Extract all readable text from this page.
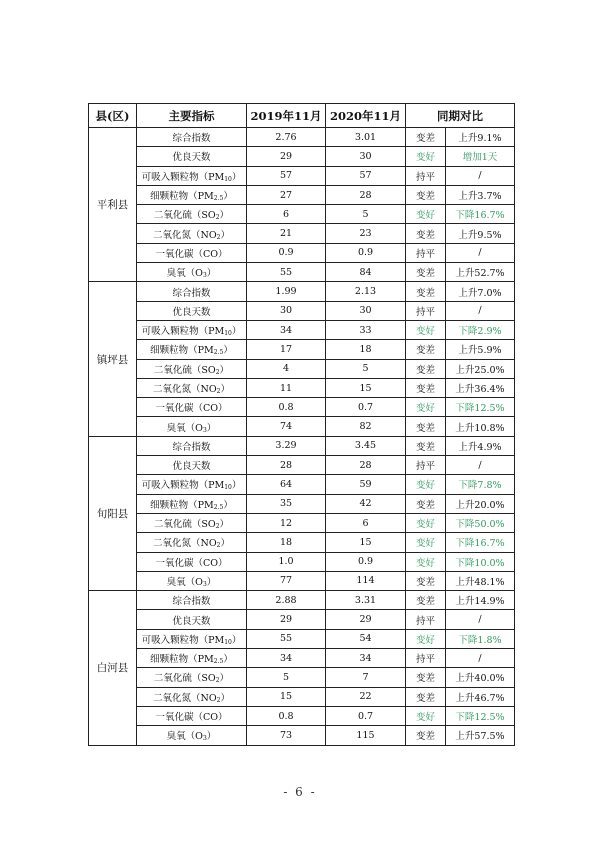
县(区)	主要指标	2019年11月	2020年11月	同期对比	
平利县	综合指数	2.76	3.01	变差	上升9.1%
	优良天数	29	30	变好	增加1天
	可吸入颗粒物$(PM_{10})$	57	57	持平	/
	细颗粒物$(PM_{2.5})$	27	28	变差	上升3.7%
	二氧化硫$(SO_2)$	6	5	变好	下降16.7%
	二氧化氮$(NO_2)$	21	23	变差	上升9.5%
	一氧化碳（CO）	0.9	0.9	持平	/
	臭氧$(O_3)$	55	84	变差	上升52.7%
镇坪县	综合指数	1.99	2.13	变差	上升7.0%
	优良天数	30	30	持平	/
	可吸入颗粒物$(PM_{10})$	34	33	变好	下降2.9%
	细颗粒物$(PM_{2.5})$	17	18	变差	上升5.9%
	二氧化硫$(SO_2)$	4	5	变差	上升25.0%
	二氧化氮$(NO_2)$	11	15	变差	上升36.4%
	一氧化碳（CO）	0.8	0.7	变好	下降12.5%
	臭氧$(O_3)$	74	82	变差	上升10.8%
旬阳县	综合指数	3.29	3.45	变差	上升4.9%
	优良天数	28	28	持平	/
	可吸入颗粒物$(PM_{10})$	64	59	变好	下降7.8%
	细颗粒物$(PM_{2.5})$	35	42	变差	上升20.0%
	二氧化硫$(SO_2)$	12	6	变好	下降50.0%
	二氧化氮$(NO_2)$	18	15	变好	下降16.7%
	一氧化碳（CO）	1.0	0.9	变好	下降10.0%
	臭氧$(O_3)$	77	114	变差	上升48.1%
白河县	综合指数	2.88	3.31	变差	上升14.9%
	优良天数	29	29	持平	/
	可吸入颗粒物$(PM_{10})$	55	54	变好	下降1.8%
	细颗粒物$(PM_{2.5})$	34	34	持平	/
	二氧化硫$(SO_2)$	5	7	变差	上升40.0%
	二氧化氮$(NO_2)$	15	22	变差	上升46.7%
	一氧化碳（CO）	0.8	0.7	变好	下降12.5%
	臭氧$(O_3)$	73	115	变差	上升57.5%
- 6 -
